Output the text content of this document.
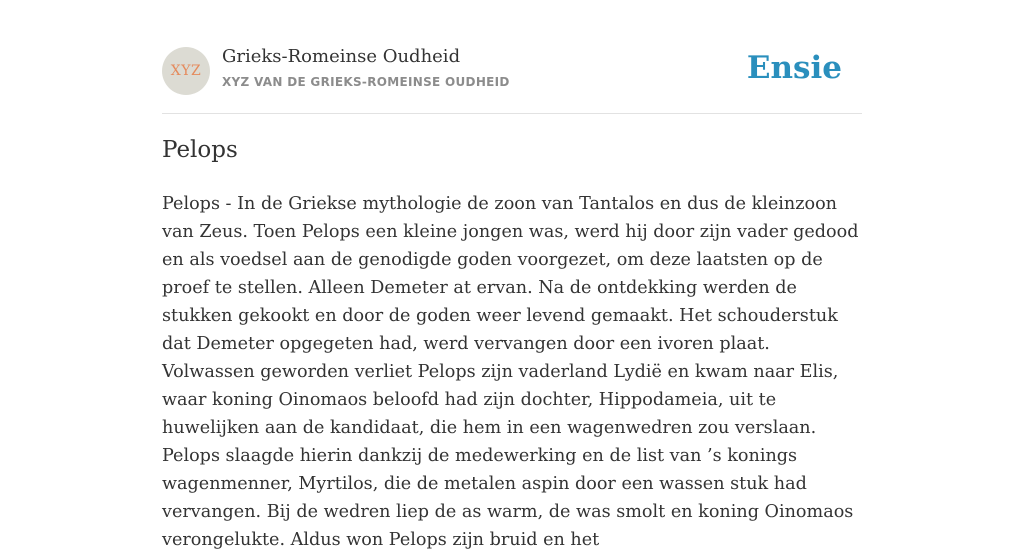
XYZ
Grieks-Romeinse Oudheid
XYZ VAN DE GRIEKS-ROMEINSE OUDHEID	Ensie
Pelops

Pelops - In de Griekse mythologie de zoon van Tantalos en dus de kleinzoon van Zeus. Toen Pelops een kleine jongen was, werd hij door zijn vader gedood en als voedsel aan de genodigde goden voorgezet, om deze laatsten op de proef te stellen. Alleen Demeter at ervan. Na de ontdekking werden de stukken gekookt en door de goden weer levend gemaakt. Het schouderstuk dat Demeter opgegeten had, werd vervangen door een ivoren plaat. Volwassen geworden verliet Pelops zijn vaderland Lydië en kwam naar Elis, waar koning Oinomaos beloofd had zijn dochter, Hippodameia, uit te huwelijken aan de kandidaat, die hem in een wagenwedren zou verslaan. Pelops slaagde hierin dankzij de medewerking en de list van ’s konings wagenmenner, Myrtilos, die de metalen aspin door een wassen stuk had vervangen. Bij de wedren liep de as warm, de was smolt en koning Oinomaos verongelukte. Aldus won Pelops zijn bruid en het
